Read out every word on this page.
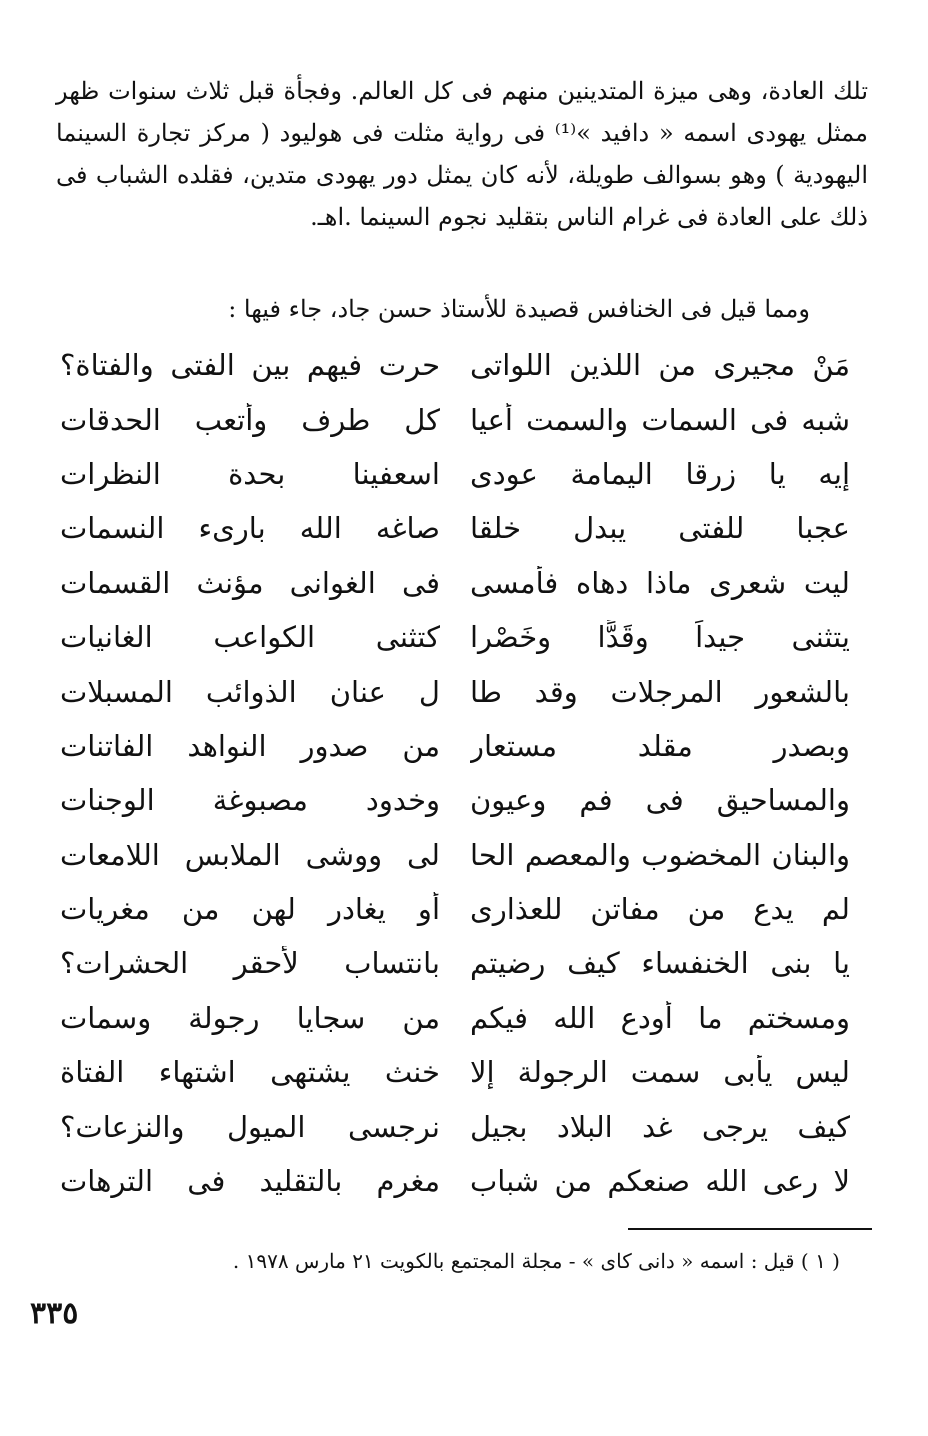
تلك العادة، وهى ميزة المتدينين منهم فى كل العالم. وفجأة قبل ثلاث سنوات ظهر ممثل يهودى اسمه « دافيد »⁽¹⁾ فى رواية مثلت فى هوليود ( مركز تجارة السينما اليهودية ) وهو بسوالف طويلة، لأنه كان يمثل دور يهودى متدين، فقلده الشباب فى ذلك على العادة فى غرام الناس بتقليد نجوم السينما .اهـ.

ومما قيل فى الخنافس قصيدة للأستاذ حسن جاد، جاء فيها :
مَنْ مجيرى من اللذين اللواتى
حرت فيهم بين الفتى والفتاة؟
شبه فى السمات والسمت أعيا
كل طرف وأتعب الحدقات
إيه يا زرقا اليمامة عودى
اسعفينا بحدة النظرات
عجبا للفتى يبدل خلقا
صاغه الله بارىء النسمات
ليت شعرى ماذا دهاه فأمسى
فى الغوانى مؤنث القسمات
يتثنى جيداً وقَدًّا وخَصْرا
كتثنى الكواعب الغانيات
بالشعور المرجلات وقد طا
ل عنان الذوائب المسبلات
وبصدر مقلد مستعار
من صدور النواهد الفاتنات
والمساحيق فى فم وعيون
وخدود مصبوغة الوجنات
والبنان المخضوب والمعصم الحا
لى ووشى الملابس اللامعات
لم يدع من مفاتن للعذارى
أو يغادر لهن من مغريات
يا بنى الخنفساء كيف رضيتم
بانتساب لأحقر الحشرات؟
ومسختم ما أودع الله فيكم
من سجايا رجولة وسمات
ليس يأبى سمت الرجولة إلا
خنث يشتهى اشتهاء الفتاة
كيف يرجى غد البلاد بجيل
نرجسى الميول والنزعات؟
لا رعى الله صنعكم من شباب
مغرم بالتقليد فى الترهات
( ١ ) قيل : اسمه « دانى كاى » - مجلة المجتمع بالكويت ٢١ مارس ١٩٧٨ .
٣٣٥
